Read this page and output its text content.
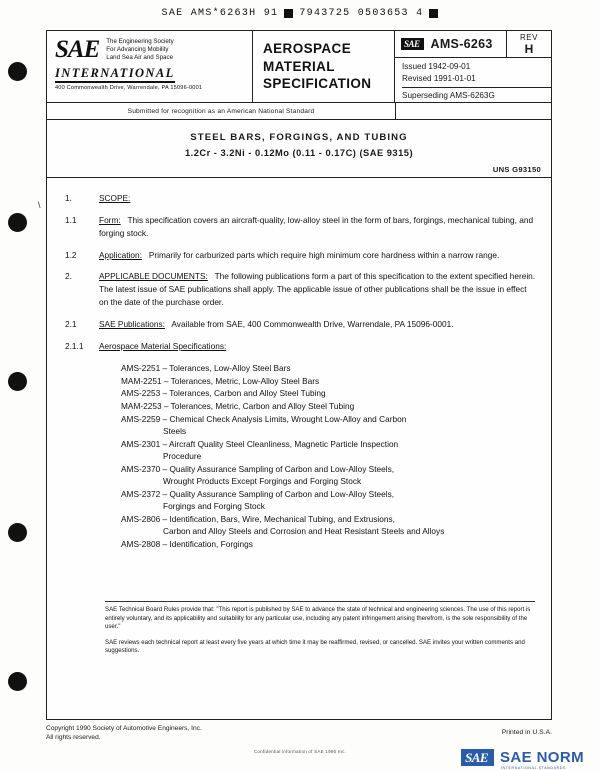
SAE AMS*6263H 91 7943725 0503653 4
\
SAE	The Engineering Society
For Advancing Mobility
Land Sea Air and Space
INTERNATIONAL
400 Commonwealth Drive, Warrendale, PA 15096-0001
AEROSPACE
MATERIAL
SPECIFICATION
SAE AMS-6263	REV
H
Issued 1942-09-01
Revised 1991-01-01
Superseding AMS-6263G
Submitted for recognition as an American National Standard
STEEL BARS, FORGINGS, AND TUBING
1.2Cr - 3.2Ni - 0.12Mo (0.11 - 0.17C) (SAE 9315)
UNS G93150
1.	SCOPE:
1.1	Form: This specification covers an aircraft-quality, low-alloy steel in the form of bars, forgings, mechanical tubing, and forging stock.
1.2	Application: Primarily for carburized parts which require high minimum core hardness within a narrow range.
2.	APPLICABLE DOCUMENTS: The following publications form a part of this specification to the extent specified herein. The latest issue of SAE publications shall apply. The applicable issue of other publications shall be the issue in effect on the date of the purchase order.
2.1	SAE Publications: Available from SAE, 400 Commonwealth Drive, Warrendale, PA 15096-0001.
2.1.1	Aerospace Material Specifications:
AMS-2251 – Tolerances, Low-Alloy Steel Bars
MAM-2251 – Tolerances, Metric, Low-Alloy Steel Bars
AMS-2253 – Tolerances, Carbon and Alloy Steel Tubing
MAM-2253 – Tolerances, Metric, Carbon and Alloy Steel Tubing
AMS-2259 – Chemical Check Analysis Limits, Wrought Low-Alloy and Carbon
Steels
AMS-2301 – Aircraft Quality Steel Cleanliness, Magnetic Particle Inspection
Procedure
AMS-2370 – Quality Assurance Sampling of Carbon and Low-Alloy Steels,
Wrought Products Except Forgings and Forging Stock
AMS-2372 – Quality Assurance Sampling of Carbon and Low-Alloy Steels,
Forgings and Forging Stock
AMS-2806 – Identification, Bars, Wire, Mechanical Tubing, and Extrusions,
Carbon and Alloy Steels and Corrosion and Heat Resistant Steels and Alloys
AMS-2808 – Identification, Forgings

SAE Technical Board Rules provide that: "This report is published by SAE to advance the state of technical and engineering sciences. The use of this report is entirely voluntary, and its applicability and suitability for any particular use, including any patent infringement arising therefrom, is the sole responsibility of the user."

SAE reviews each technical report at least every five years at which time it may be reaffirmed, revised, or cancelled. SAE invites your written comments and suggestions.

Copyright 1990 Society of Automotive Engineers, Inc.
All rights reserved.
Printed in U.S.A.
Confidential information of SAE 1990 Inc.	SAE SAE NORM
INTERNATIONAL STANDARDS
